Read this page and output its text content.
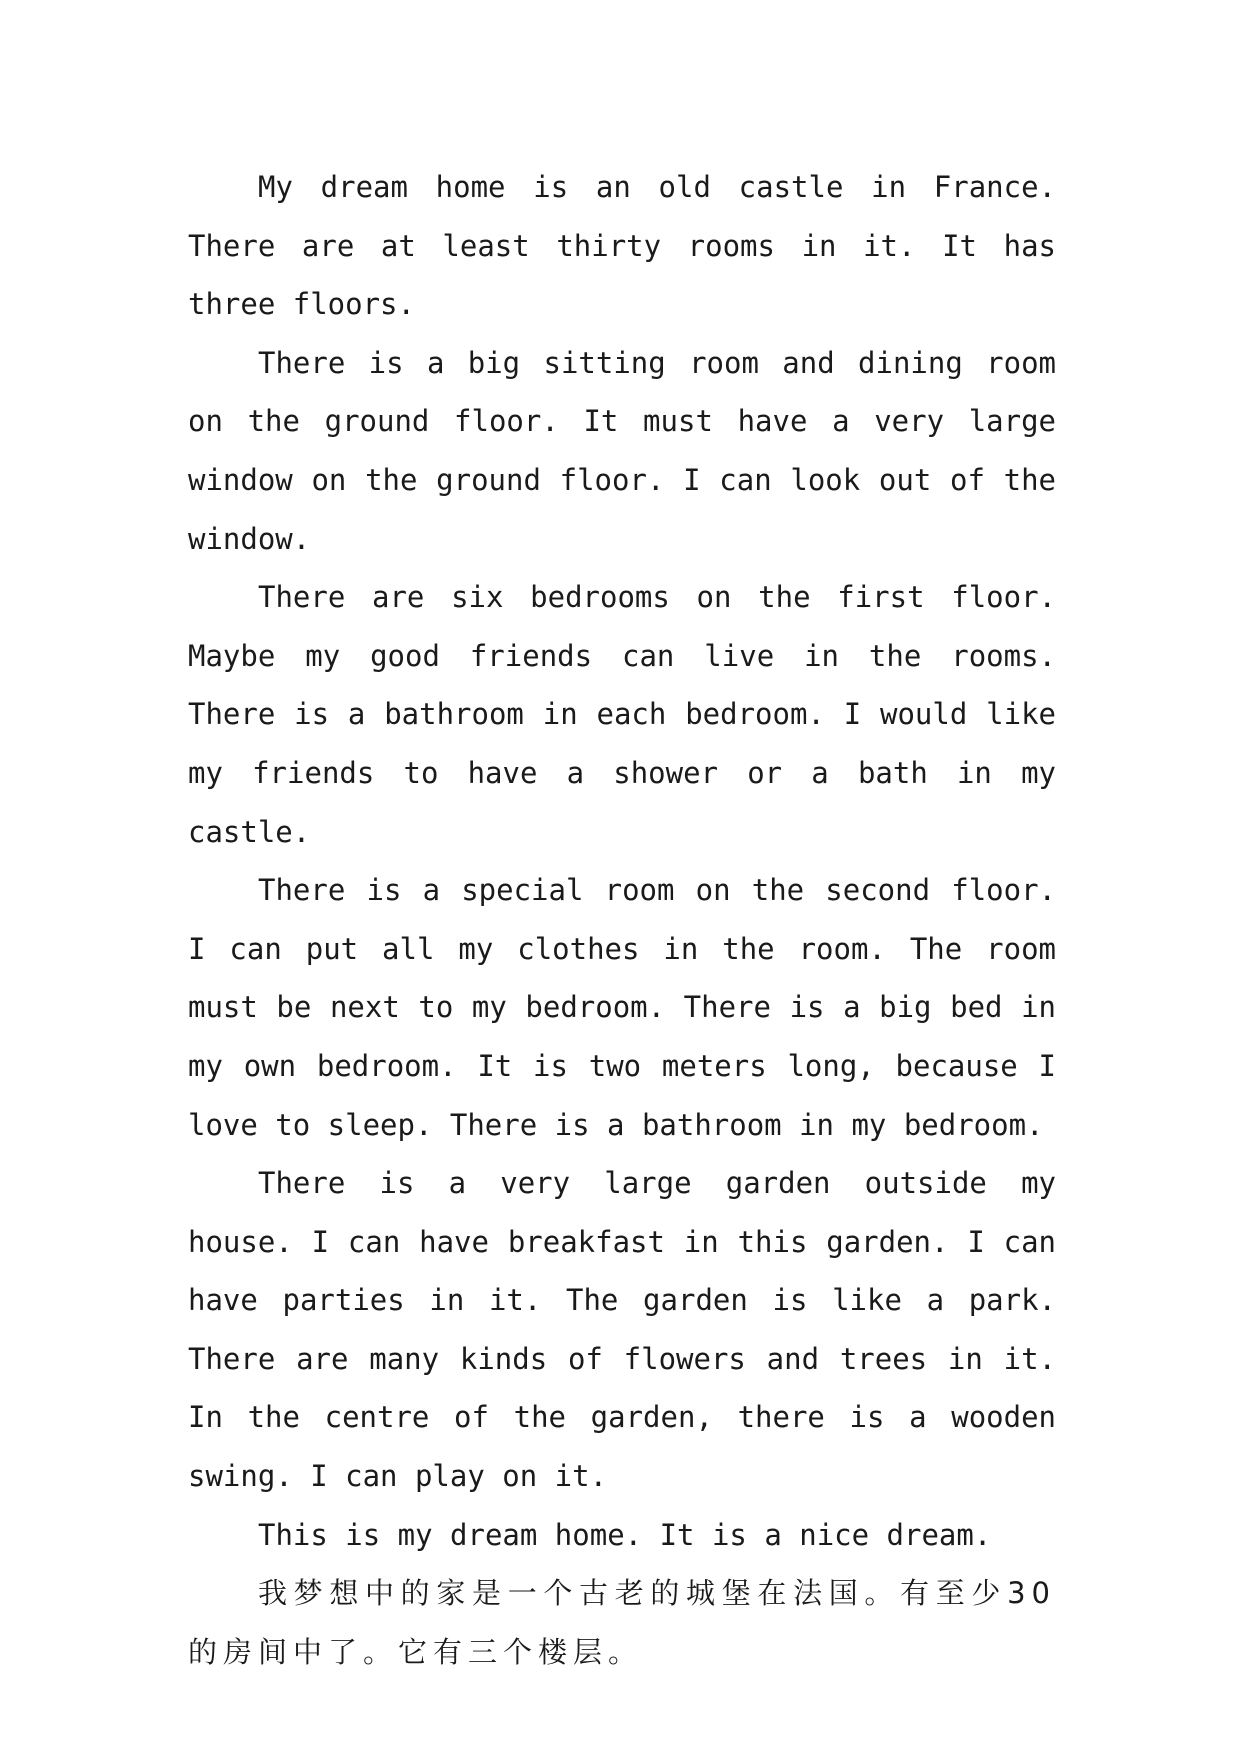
My dream home is an old castle in France. There are at least thirty rooms in it. It has three floors.

There is a big sitting room and dining room on the ground floor. It must have a very large window on the ground floor. I can look out of the window.

There are six bedrooms on the first floor. Maybe my good friends can live in the rooms. There is a bathroom in each bedroom. I would like my friends to have a shower or a bath in my castle.

There is a special room on the second floor. I can put all my clothes in the room. The room must be next to my bedroom. There is a big bed in my own bedroom. It is two meters long, because I love to sleep. There is a bathroom in my bedroom.

There is a very large garden outside my house. I can have breakfast in this garden. I can have parties in it. The garden is like a park. There are many kinds of flowers and trees in it. In the centre of the garden, there is a wooden swing. I can play on it.

This is my dream home. It is a nice dream.

我梦想中的家是一个古老的城堡在法国。有至少30的房间中了。它有三个楼层。
